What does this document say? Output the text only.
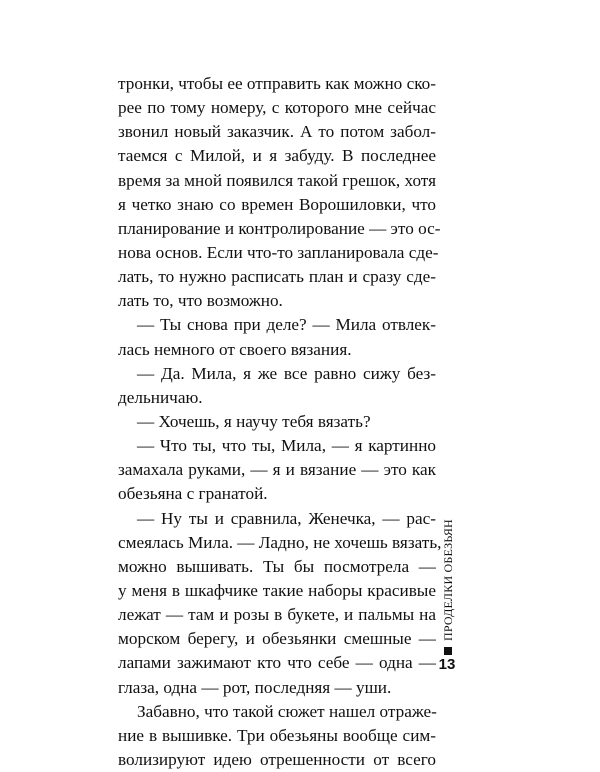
тронки, чтобы ее отправить как можно ско-
рее по тому номеру, с которого мне сейчас
звонил новый заказчик. А то потом забол-
таемся с Милой, и я забуду. В последнее
время за мной появился такой грешок, хотя
я четко знаю со времен Ворошиловки, что
планирование и контролирование — это ос-
нова основ. Если что-то запланировала сде-
лать, то нужно расписать план и сразу сде-
лать то, что возможно.
— Ты снова при деле? — Мила отвлек-
лась немного от своего вязания.
— Да. Мила, я же все равно сижу без-
дельничаю.
— Хочешь, я научу тебя вязать?
— Что ты, что ты, Мила, — я картинно
замахала руками, — я и вязание — это как
обезьяна с гранатой.
— Ну ты и сравнила, Женечка, — рас-
смеялась Мила. — Ладно, не хочешь вязать,
можно вышивать. Ты бы посмотрела —
у меня в шкафчике такие наборы красивые
лежат — там и розы в букете, и пальмы на
морском берегу, и обезьянки смешные —
лапами зажимают кто что себе — одна —
глаза, одна — рот, последняя — уши.
Забавно, что такой сюжет нашел отраже-
ние в вышивке. Три обезьяны вообще сим-
волизируют идею отрешенности от всего
ПРОДЕЛКИ ОБЕЗЬЯН
13
